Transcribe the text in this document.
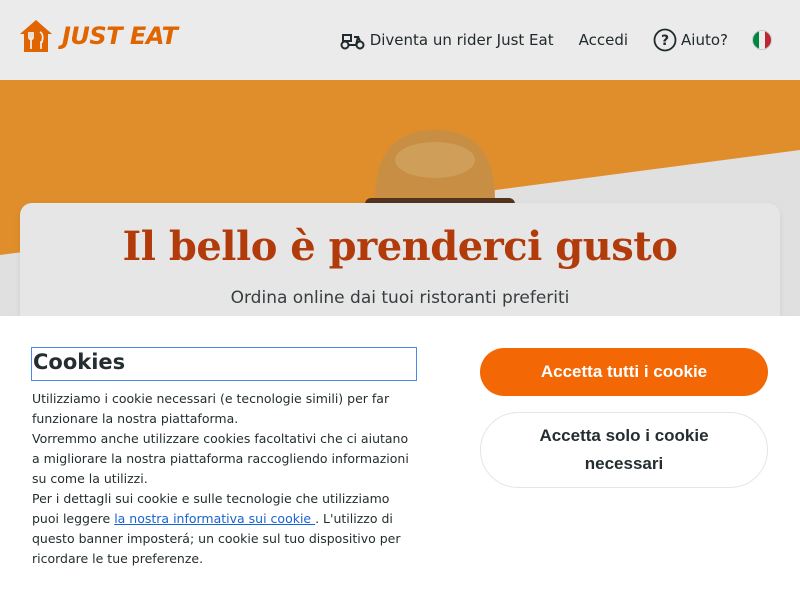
JUST EAT	Diventa un rider Just Eat Accedi ? Aiuto?
Il bello è prenderci gusto
Ordina online dai tuoi ristoranti preferiti
Cookies

Utilizziamo i cookie necessari (e tecnologie simili) per far funzionare la nostra piattaforma.

Vorremmo anche utilizzare cookies facoltativi che ci aiutano a migliorare la nostra piattaforma raccogliendo informazioni su come la utilizzi.

Per i dettagli sui cookie e sulle tecnologie che utilizziamo puoi leggere la nostra informativa sui cookie . L'utilizzo di questo banner imposterá; un cookie sul tuo dispositivo per ricordare le tue preferenze.

Accetta tutti i cookie
Accetta solo i cookie necessari
